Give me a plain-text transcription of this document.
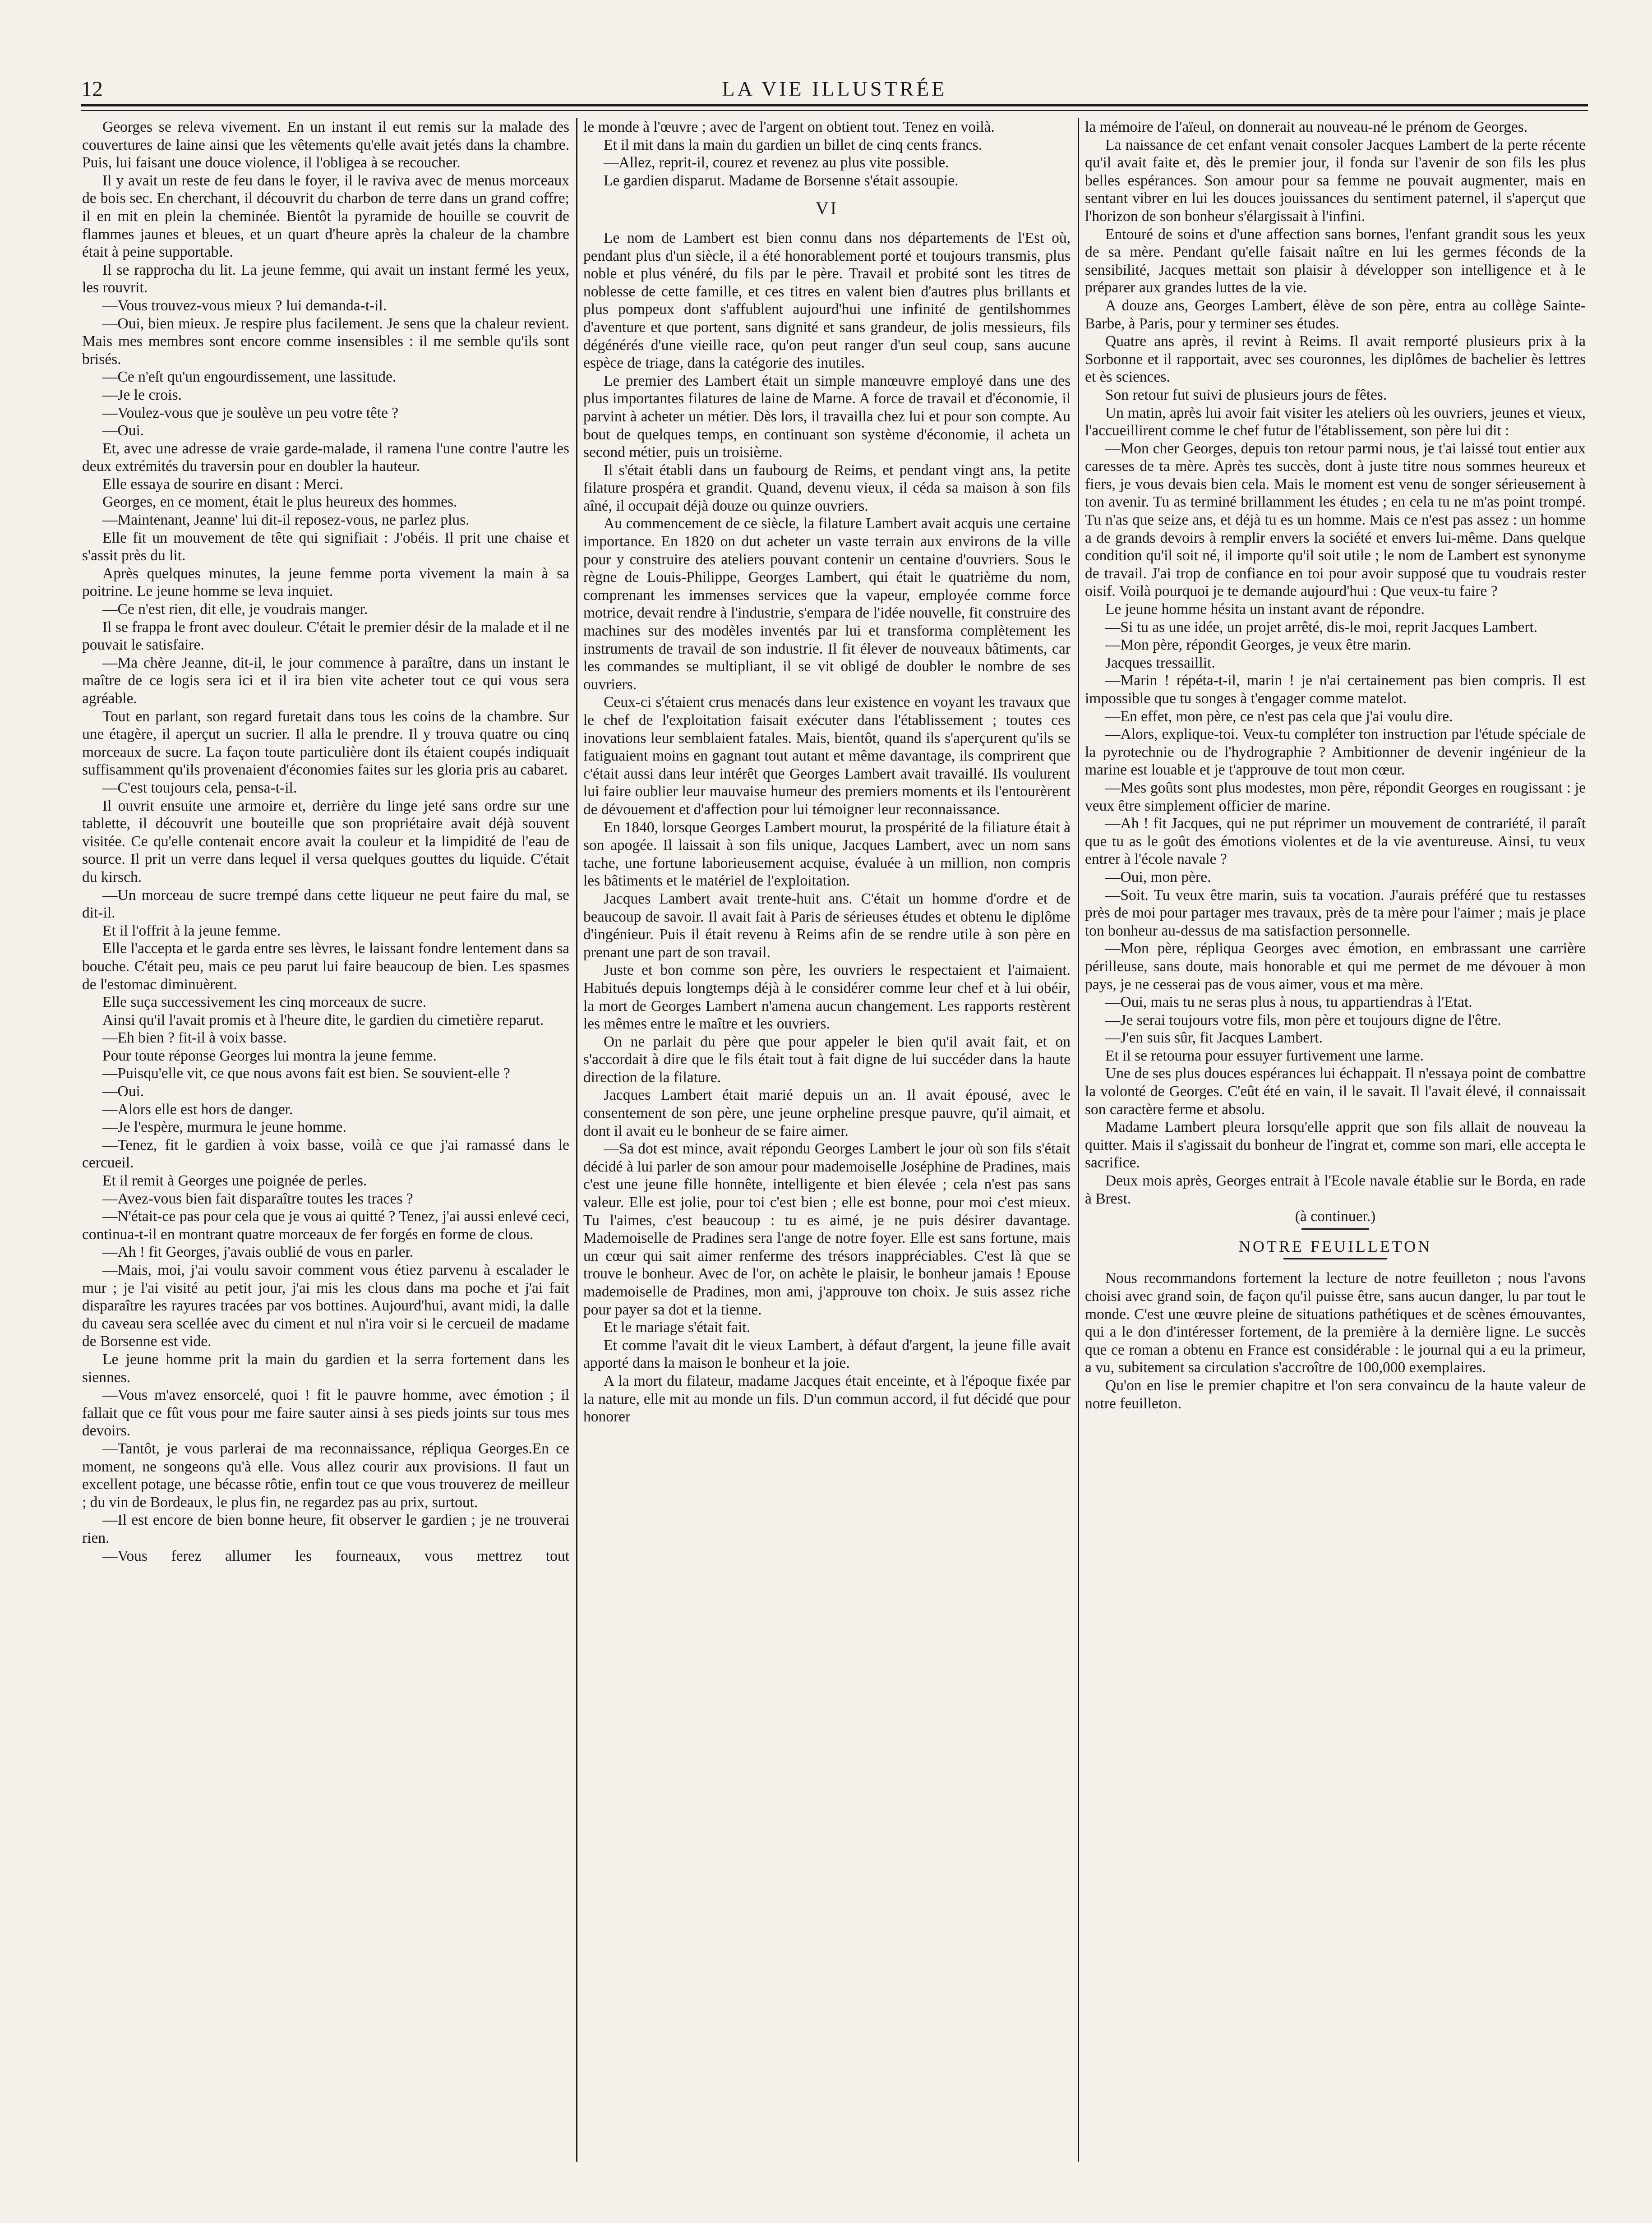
12	LA VIE ILLUSTRÉE

Georges se releva vivement. En un instant il eut remis sur la malade des couvertures de laine ainsi que les vêtements qu'elle avait jetés dans la chambre. Puis, lui faisant une douce violence, il l'obligea à se recoucher.

Il y avait un reste de feu dans le foyer, il le raviva avec de menus morceaux de bois sec. En cherchant, il découvrit du charbon de terre dans un grand coffre; il en mit en plein la cheminée. Bientôt la pyramide de houille se couvrit de flammes jaunes et bleues, et un quart d'heure après la chaleur de la chambre était à peine supportable.

Il se rapprocha du lit. La jeune femme, qui avait un instant fermé les yeux, les rouvrit.

—Vous trouvez-vous mieux ? lui demanda-t-il.

—Oui, bien mieux. Je respire plus facilement. Je sens que la chaleur revient. Mais mes membres sont encore comme insensibles : il me semble qu'ils sont brisés.

—Ce n'eſt qu'un engourdissement, une lassitude.

—Je le crois.

—Voulez-vous que je soulève un peu votre tête ?

—Oui.

Et, avec une adresse de vraie garde-malade, il ramena l'une contre l'autre les deux extrémités du traversin pour en doubler la hauteur.

Elle essaya de sourire en disant : Merci.

Georges, en ce moment, était le plus heureux des hommes.

—Maintenant, Jeanne' lui dit-il reposez-vous, ne parlez plus.

Elle fit un mouvement de tête qui signifiait : J'obéis. Il prit une chaise et s'assit près du lit.

Après quelques minutes, la jeune femme porta vivement la main à sa poitrine. Le jeune homme se leva inquiet.

—Ce n'est rien, dit elle, je voudrais manger.

Il se frappa le front avec douleur. C'était le premier désir de la malade et il ne pouvait le satisfaire.

—Ma chère Jeanne, dit-il, le jour commence à paraître, dans un instant le maître de ce logis sera ici et il ira bien vite acheter tout ce qui vous sera agréable.

Tout en parlant, son regard furetait dans tous les coins de la chambre. Sur une étagère, il aperçut un sucrier. Il alla le prendre. Il y trouva quatre ou cinq morceaux de sucre. La façon toute particulière dont ils étaient coupés indiquait suffisamment qu'ils provenaient d'économies faites sur les gloria pris au cabaret.

—C'est toujours cela, pensa-t-il.

Il ouvrit ensuite une armoire et, derrière du linge jeté sans ordre sur une tablette, il découvrit une bouteille que son propriétaire avait déjà souvent visitée. Ce qu'elle contenait encore avait la couleur et la limpidité de l'eau de source. Il prit un verre dans lequel il versa quelques gouttes du liquide. C'était du kirsch.

—Un morceau de sucre trempé dans cette liqueur ne peut faire du mal, se dit-il.

Et il l'offrit à la jeune femme.

Elle l'accepta et le garda entre ses lèvres, le laissant fondre lentement dans sa bouche. C'était peu, mais ce peu parut lui faire beaucoup de bien. Les spasmes de l'estomac diminuèrent.

Elle suça successivement les cinq morceaux de sucre.

Ainsi qu'il l'avait promis et à l'heure dite, le gardien du cimetière reparut.

—Eh bien ? fit-il à voix basse.

Pour toute réponse Georges lui montra la jeune femme.

—Puisqu'elle vit, ce que nous avons fait est bien. Se souvient-elle ?

—Oui.

—Alors elle est hors de danger.

—Je l'espère, murmura le jeune homme.

—Tenez, fit le gardien à voix basse, voilà ce que j'ai ramassé dans le cercueil.

Et il remit à Georges une poignée de perles.

—Avez-vous bien fait disparaître toutes les traces ?

—N'était-ce pas pour cela que je vous ai quitté ? Tenez, j'ai aussi enlevé ceci, continua-t-il en montrant quatre morceaux de fer forgés en forme de clous.

—Ah ! fit Georges, j'avais oublié de vous en parler.

—Mais, moi, j'ai voulu savoir comment vous étiez parvenu à escalader le mur ; je l'ai visité au petit jour, j'ai mis les clous dans ma poche et j'ai fait disparaître les rayures tracées par vos bottines. Aujourd'hui, avant midi, la dalle du caveau sera scellée avec du ciment et nul n'ira voir si le cercueil de madame de Borsenne est vide.

Le jeune homme prit la main du gardien et la serra fortement dans les siennes.

—Vous m'avez ensorcelé, quoi ! fit le pauvre homme, avec émotion ; il fallait que ce fût vous pour me faire sauter ainsi à ses pieds joints sur tous mes devoirs.

—Tantôt, je vous parlerai de ma reconnaissance, répliqua Georges.En ce moment, ne songeons qu'à elle. Vous allez courir aux provisions. Il faut un excellent potage, une bécasse rôtie, enfin tout ce que vous trouverez de meilleur ; du vin de Bordeaux, le plus fin, ne regardez pas au prix, surtout.

—Il est encore de bien bonne heure, fit observer le gardien ; je ne trouverai rien.

—Vous ferez allumer les fourneaux, vous mettrez tout

le monde à l'œuvre ; avec de l'argent on obtient tout. Tenez en voilà.

Et il mit dans la main du gardien un billet de cinq cents francs.

—Allez, reprit-il, courez et revenez au plus vite possible.

Le gardien disparut. Madame de Borsenne s'était assoupie.

VI

Le nom de Lambert est bien connu dans nos départements de l'Est où, pendant plus d'un siècle, il a été honorablement porté et toujours transmis, plus noble et plus vénéré, du fils par le père. Travail et probité sont les titres de noblesse de cette famille, et ces titres en valent bien d'autres plus brillants et plus pompeux dont s'affublent aujourd'hui une infinité de gentilshommes d'aventure et que portent, sans dignité et sans grandeur, de jolis messieurs, fils dégénérés d'une vieille race, qu'on peut ranger d'un seul coup, sans aucune espèce de triage, dans la catégorie des inutiles.

Le premier des Lambert était un simple manœuvre employé dans une des plus importantes filatures de laine de Marne. A force de travail et d'économie, il parvint à acheter un métier. Dès lors, il travailla chez lui et pour son compte. Au bout de quelques temps, en continuant son système d'économie, il acheta un second métier, puis un troisième.

Il s'était établi dans un faubourg de Reims, et pendant vingt ans, la petite filature prospéra et grandit. Quand, devenu vieux, il céda sa maison à son fils aîné, il occupait déjà douze ou quinze ouvriers.

Au commencement de ce siècle, la filature Lambert avait acquis une certaine importance. En 1820 on dut acheter un vaste terrain aux environs de la ville pour y construire des ateliers pouvant contenir un centaine d'ouvriers. Sous le règne de Louis-Philippe, Georges Lambert, qui était le quatrième du nom, comprenant les immenses services que la vapeur, employée comme force motrice, devait rendre à l'industrie, s'empara de l'idée nouvelle, fit construire des machines sur des modèles inventés par lui et transforma complètement les instruments de travail de son industrie. Il fit élever de nouveaux bâtiments, car les commandes se multipliant, il se vit obligé de doubler le nombre de ses ouvriers.

Ceux-ci s'étaient crus menacés dans leur existence en voyant les travaux que le chef de l'exploitation faisait exécuter dans l'établissement ; toutes ces inovations leur semblaient fatales. Mais, bientôt, quand ils s'aperçurent qu'ils se fatiguaient moins en gagnant tout autant et même davantage, ils comprirent que c'était aussi dans leur intérêt que Georges Lambert avait travaillé. Ils voulurent lui faire oublier leur mauvaise humeur des premiers moments et ils l'entourèrent de dévouement et d'affection pour lui témoigner leur reconnaissance.

En 1840, lorsque Georges Lambert mourut, la prospérité de la filiature était à son apogée. Il laissait à son fils unique, Jacques Lambert, avec un nom sans tache, une fortune laborieusement acquise, évaluée à un million, non compris les bâtiments et le matériel de l'exploitation.

Jacques Lambert avait trente-huit ans. C'était un homme d'ordre et de beaucoup de savoir. Il avait fait à Paris de sérieuses études et obtenu le diplôme d'ingénieur. Puis il était revenu à Reims afin de se rendre utile à son père en prenant une part de son travail.

Juste et bon comme son père, les ouvriers le respectaient et l'aimaient. Habitués depuis longtemps déjà à le considérer comme leur chef et à lui obéir, la mort de Georges Lambert n'amena aucun changement. Les rapports restèrent les mêmes entre le maître et les ouvriers.

On ne parlait du père que pour appeler le bien qu'il avait fait, et on s'accordait à dire que le fils était tout à fait digne de lui succéder dans la haute direction de la filature.

Jacques Lambert était marié depuis un an. Il avait épousé, avec le consentement de son père, une jeune orpheline presque pauvre, qu'il aimait, et dont il avait eu le bonheur de se faire aimer.

—Sa dot est mince, avait répondu Georges Lambert le jour où son fils s'était décidé à lui parler de son amour pour mademoiselle Joséphine de Pradines, mais c'est une jeune fille honnête, intelligente et bien élevée ; cela n'est pas sans valeur. Elle est jolie, pour toi c'est bien ; elle est bonne, pour moi c'est mieux. Tu l'aimes, c'est beaucoup : tu es aimé, je ne puis désirer davantage. Mademoiselle de Pradines sera l'ange de notre foyer. Elle est sans fortune, mais un cœur qui sait aimer renferme des trésors inappréciables. C'est là que se trouve le bonheur. Avec de l'or, on achète le plaisir, le bonheur jamais ! Epouse mademoiselle de Pradines, mon ami, j'approuve ton choix. Je suis assez riche pour payer sa dot et la tienne.

Et le mariage s'était fait.

Et comme l'avait dit le vieux Lambert, à défaut d'argent, la jeune fille avait apporté dans la maison le bonheur et la joie.

A la mort du filateur, madame Jacques était enceinte, et à l'époque fixée par la nature, elle mit au monde un fils. D'un commun accord, il fut décidé que pour honorer

la mémoire de l'aïeul, on donnerait au nouveau-né le prénom de Georges.

La naissance de cet enfant venait consoler Jacques Lambert de la perte récente qu'il avait faite et, dès le premier jour, il fonda sur l'avenir de son fils les plus belles espérances. Son amour pour sa femme ne pouvait augmenter, mais en sentant vibrer en lui les douces jouissances du sentiment paternel, il s'aperçut que l'horizon de son bonheur s'élargissait à l'infini.

Entouré de soins et d'une affection sans bornes, l'enfant grandit sous les yeux de sa mère. Pendant qu'elle faisait naître en lui les germes féconds de la sensibilité, Jacques mettait son plaisir à développer son intelligence et à le préparer aux grandes luttes de la vie.

A douze ans, Georges Lambert, élève de son père, entra au collège Sainte-Barbe, à Paris, pour y terminer ses études.

Quatre ans après, il revint à Reims. Il avait remporté plusieurs prix à la Sorbonne et il rapportait, avec ses couronnes, les diplômes de bachelier ès lettres et ès sciences.

Son retour fut suivi de plusieurs jours de fêtes.

Un matin, après lui avoir fait visiter les ateliers où les ouvriers, jeunes et vieux, l'accueillirent comme le chef futur de l'établissement, son père lui dit :

—Mon cher Georges, depuis ton retour parmi nous, je t'ai laissé tout entier aux caresses de ta mère. Après tes succès, dont à juste titre nous sommes heureux et fiers, je vous devais bien cela. Mais le moment est venu de songer sérieusement à ton avenir. Tu as terminé brillamment les études ; en cela tu ne m'as point trompé. Tu n'as que seize ans, et déjà tu es un homme. Mais ce n'est pas assez : un homme a de grands devoirs à remplir envers la société et envers lui-même. Dans quelque condition qu'il soit né, il importe qu'il soit utile ; le nom de Lambert est synonyme de travail. J'ai trop de confiance en toi pour avoir supposé que tu voudrais rester oisif. Voilà pourquoi je te demande aujourd'hui : Que veux-tu faire ?

Le jeune homme hésita un instant avant de répondre.

—Si tu as une idée, un projet arrêté, dis-le moi, reprit Jacques Lambert.

—Mon père, répondit Georges, je veux être marin.

Jacques tressaillit.

—Marin ! répéta-t-il, marin ! je n'ai certainement pas bien compris. Il est impossible que tu songes à t'engager comme matelot.

—En effet, mon père, ce n'est pas cela que j'ai voulu dire.

—Alors, explique-toi. Veux-tu compléter ton instruction par l'étude spéciale de la pyrotechnie ou de l'hydrographie ? Ambitionner de devenir ingénieur de la marine est louable et je t'approuve de tout mon cœur.

—Mes goûts sont plus modestes, mon père, répondit Georges en rougissant : je veux être simplement officier de marine.

—Ah ! fit Jacques, qui ne put réprimer un mouvement de contrariété, il paraît que tu as le goût des émotions violentes et de la vie aventureuse. Ainsi, tu veux entrer à l'école navale ?

—Oui, mon père.

—Soit. Tu veux être marin, suis ta vocation. J'aurais préféré que tu restasses près de moi pour partager mes travaux, près de ta mère pour l'aimer ; mais je place ton bonheur au-dessus de ma satisfaction personnelle.

—Mon père, répliqua Georges avec émotion, en embrassant une carrière périlleuse, sans doute, mais honorable et qui me permet de me dévouer à mon pays, je ne cesserai pas de vous aimer, vous et ma mère.

—Oui, mais tu ne seras plus à nous, tu appartiendras à l'Etat.

—Je serai toujours votre fils, mon père et toujours digne de l'être.

—J'en suis sûr, fit Jacques Lambert.

Et il se retourna pour essuyer furtivement une larme.

Une de ses plus douces espérances lui échappait. Il n'essaya point de combattre la volonté de Georges. C'eût été en vain, il le savait. Il l'avait élevé, il connaissait son caractère ferme et absolu.

Madame Lambert pleura lorsqu'elle apprit que son fils allait de nouveau la quitter. Mais il s'agissait du bonheur de l'ingrat et, comme son mari, elle accepta le sacrifice.

Deux mois après, Georges entrait à l'Ecole navale établie sur le Borda, en rade à Brest.

(à continuer.)

NOTRE FEUILLETON

Nous recommandons fortement la lecture de notre feuilleton ; nous l'avons choisi avec grand soin, de façon qu'il puisse être, sans aucun danger, lu par tout le monde. C'est une œuvre pleine de situations pathétiques et de scènes émouvantes, qui a le don d'intéresser fortement, de la première à la dernière ligne. Le succès que ce roman a obtenu en France est considérable : le journal qui a eu la primeur, a vu, subitement sa circulation s'accroître de 100,000 exemplaires.

Qu'on en lise le premier chapitre et l'on sera convaincu de la haute valeur de notre feuilleton.
